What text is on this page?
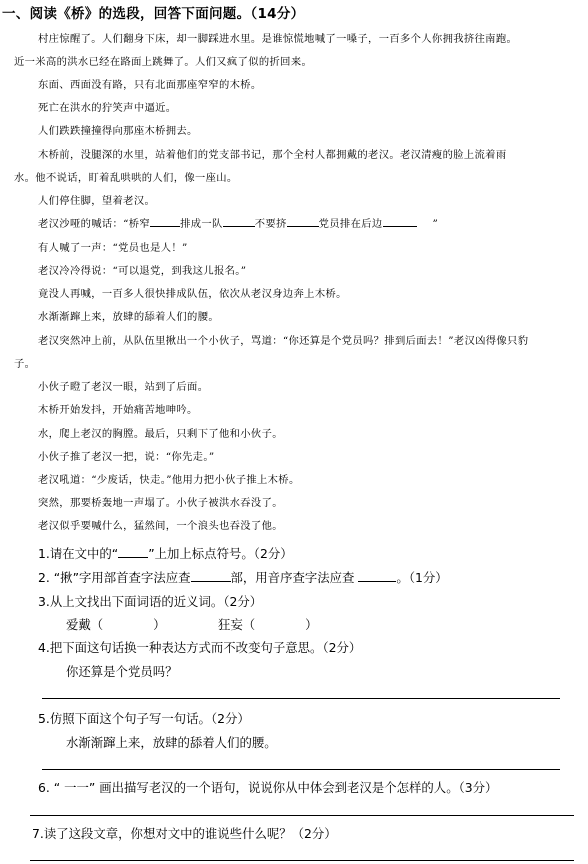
一、阅读《桥》的选段，回答下面问题。（14分）
村庄惊醒了。人们翻身下床，却一脚踩进水里。是谁惊慌地喊了一嗓子，一百多个人你拥我挤往南跑。
近一米高的洪水已经在路面上跳舞了。人们又疯了似的折回来。
东面、西面没有路，只有北面那座窄窄的木桥。
死亡在洪水的狞笑声中逼近。
人们跌跌撞撞得向那座木桥拥去。
木桥前，没腿深的水里，站着他们的党支部书记，那个全村人都拥戴的老汉。老汉清瘦的脸上流着雨
水。他不说话，盯着乱哄哄的人们，像一座山。
人们停住脚，望着老汉。
老汉沙哑的喊话：“桥窄	排成一队	不要挤	党员排在后边	”
有人喊了一声：“党员也是人！”
老汉冷冷得说：“可以退党，到我这儿报名。”
竟没人再喊，一百多人很快排成队伍，依次从老汉身边奔上木桥。
水渐渐蹿上来，放肆的舔着人们的腰。
老汉突然冲上前，从队伍里揪出一个小伙子，骂道：“你还算是个党员吗？排到后面去！”老汉凶得像只豹
子。
小伙子瞪了老汉一眼，站到了后面。
木桥开始发抖，开始痛苦地呻吟。
水，爬上老汉的胸膛。最后，只剩下了他和小伙子。
小伙子推了老汉一把，说：“你先走。”
老汉吼道：“少废话，快走。”他用力把小伙子推上木桥。
突然，那要桥轰地一声塌了。小伙子被洪水吞没了。
老汉似乎要喊什么，猛然间，一个浪头也吞没了他。
1.请在文中的“ ”上加上标点符号。（2分）
2. “揪”字用部首查字法应查	部，用音序查字法应查	。（1分）
3.从上文找出下面词语的近义词。（2分）
爱戴（	）	狂妄（	）
4.把下面这句话换一种表达方式而不改变句子意思。（2分）
你还算是个党员吗？
5.仿照下面这个句子写一句话。（2分）
水渐渐蹿上来，放肆的舔着人们的腰。
6. “ 一一” 画出描写老汉的一个语句，说说你从中体会到老汉是个怎样的人。（3分）
7.读了这段文章，你想对文中的谁说些什么呢？（2分）
